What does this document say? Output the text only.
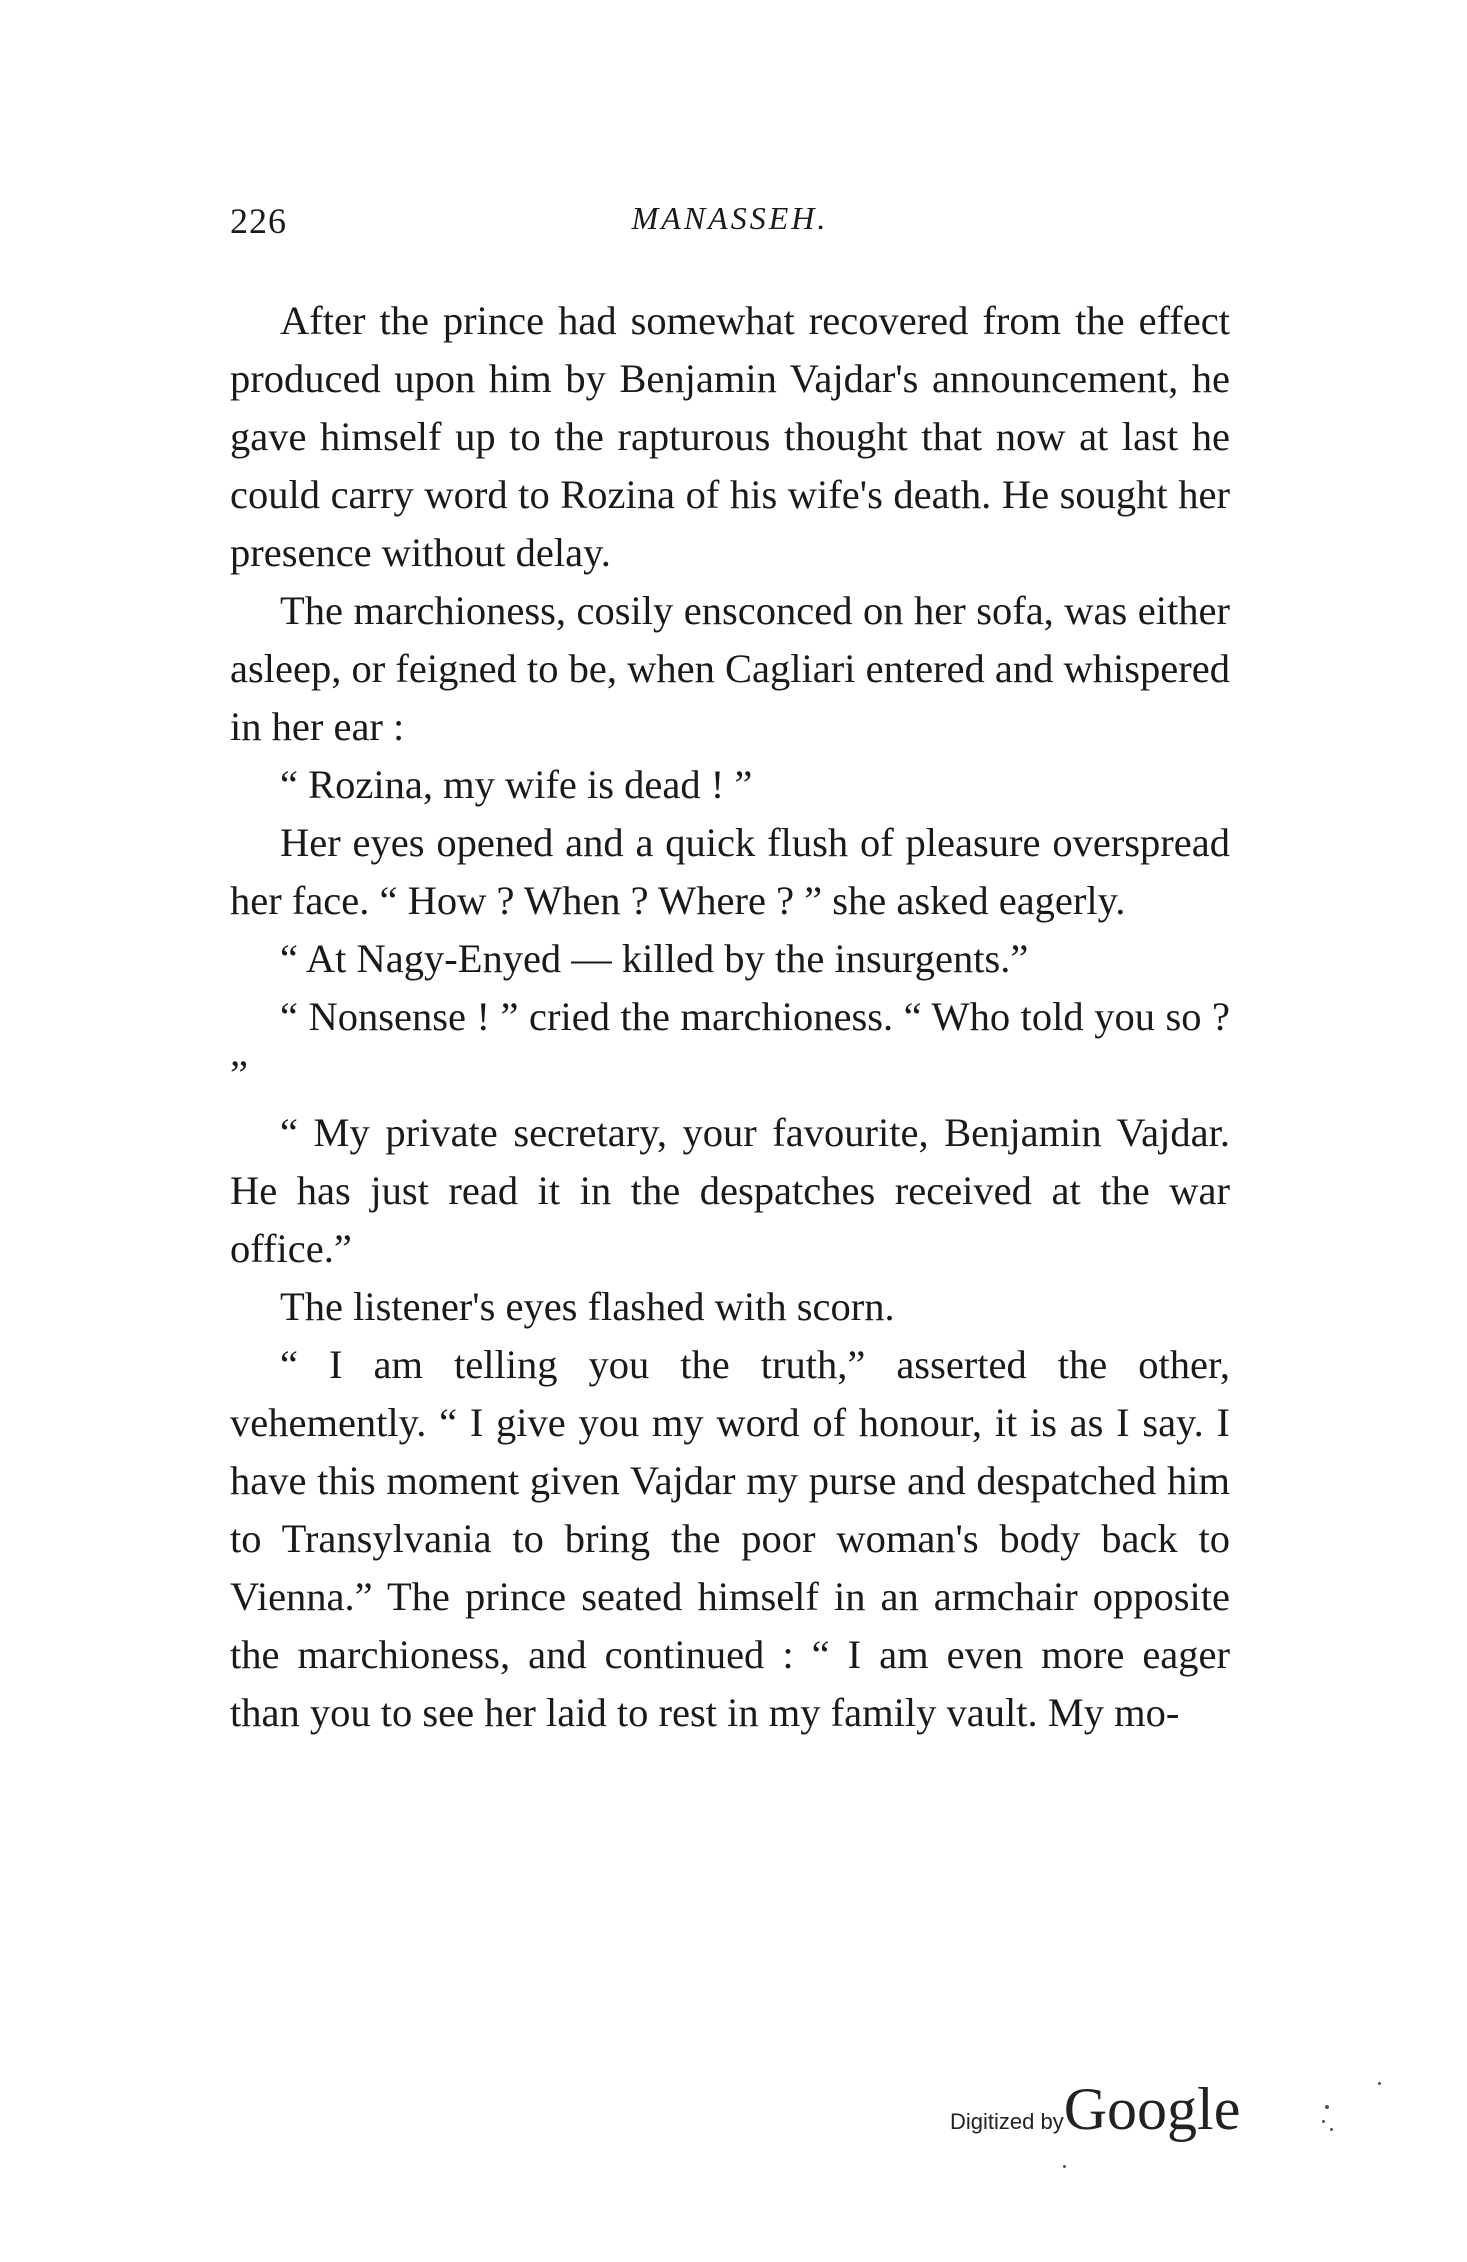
226	MANASSEH.

After the prince had somewhat recovered from the effect produced upon him by Benjamin Vajdar's announcement, he gave himself up to the rapturous thought that now at last he could carry word to Rozina of his wife's death. He sought her presence without delay.

The marchioness, cosily ensconced on her sofa, was either asleep, or feigned to be, when Cagliari entered and whispered in her ear :

“ Rozina, my wife is dead ! ”

Her eyes opened and a quick flush of pleasure overspread her face. “ How ? When ? Where ? ” she asked eagerly.

“ At Nagy-Enyed — killed by the insurgents.”

“ Nonsense ! ” cried the marchioness. “ Who told you so ? ”

“ My private secretary, your favourite, Benjamin Vajdar. He has just read it in the despatches received at the war office.”

The listener's eyes flashed with scorn.

“ I am telling you the truth,” asserted the other, vehemently. “ I give you my word of honour, it is as I say. I have this moment given Vajdar my purse and despatched him to Transylvania to bring the poor woman's body back to Vienna.” The prince seated himself in an armchair opposite the marchioness, and continued : “ I am even more eager than you to see her laid to rest in my family vault. My mo-

Digitized byGoogle
